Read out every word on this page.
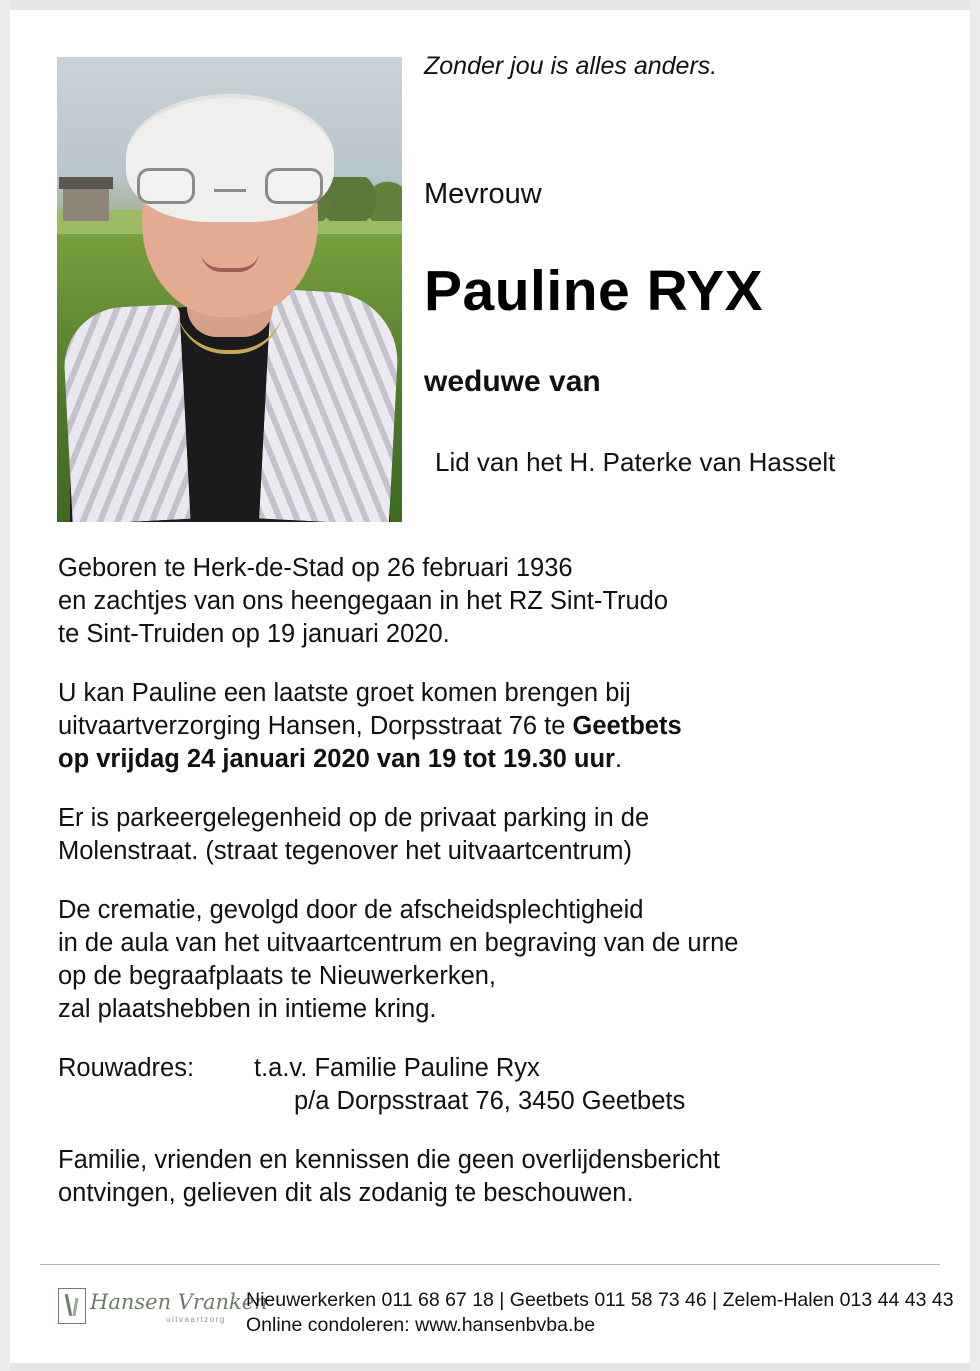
Zonder jou is alles anders.
Mevrouw
Pauline RYX
weduwe van
Lid van het H. Paterke van Hasselt

Geboren te Herk-de-Stad op 26 februari 1936
en zachtjes van ons heengegaan in het RZ Sint-Trudo
te Sint-Truiden op 19 januari 2020.

U kan Pauline een laatste groet komen brengen bij
uitvaartverzorging Hansen, Dorpsstraat 76 te Geetbets
op vrijdag 24 januari 2020 van 19 tot 19.30 uur.

Er is parkeergelegenheid op de privaat parking in de
Molenstraat. (straat tegenover het uitvaartcentrum)

De crematie, gevolgd door de afscheidsplechtigheid
in de aula van het uitvaartcentrum en begraving van de urne
op de begraafplaats te Nieuwerkerken,
zal plaatshebben in intieme kring.

Rouwadres:	t.a.v. Familie Pauline Ryx
p/a Dorpsstraat 76, 3450 Geetbets

Familie, vrienden en kennissen die geen overlijdensbericht
ontvingen, gelieven dit als zodanig te beschouwen.

Hansen Vranken
uitvaartzorg
Nieuwerkerken 011 68 67 18 | Geetbets 011 58 73 46 | Zelem-Halen 013 44 43 43
Online condoleren: www.hansenbvba.be
